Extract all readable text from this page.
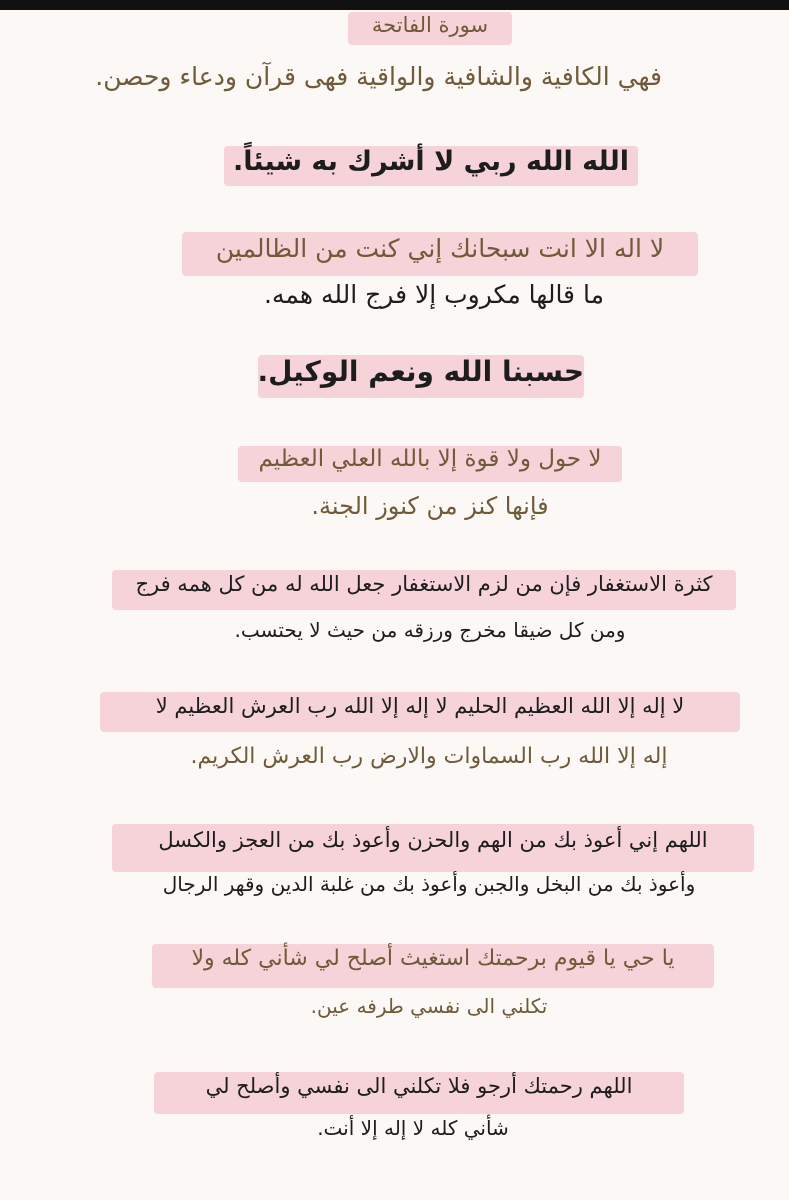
سورة الفاتحة
فهي الكافية والشافية والواقية فهى قرآن ودعاء وحصن.
الله الله ربي لا أشرك به شيئاً.
لا اله الا انت سبحانك إني كنت من الظالمين
ما قالها مكروب إلا فرج الله همه.
حسبنا الله ونعم الوكيل.
لا حول ولا قوة إلا بالله العلي العظيم
فإنها كنز من كنوز الجنة.
كثرة الاستغفار فإن من لزم الاستغفار جعل الله له من كل همه فرج
ومن كل ضيقا مخرج ورزقه من حيث لا يحتسب.
لا إله إلا الله العظيم الحليم لا إله إلا الله رب العرش العظيم لا
إله إلا الله رب السماوات والارض رب العرش الكريم.
اللهم إني أعوذ بك من الهم والحزن وأعوذ بك من العجز والكسل
وأعوذ بك من البخل والجبن وأعوذ بك من غلبة الدين وقهر الرجال
يا حي يا قيوم برحمتك استغيث أصلح لي شأني كله ولا
تكلني الى نفسي طرفه عين.
اللهم رحمتك أرجو فلا تكلني الى نفسي وأصلح لي
شأني كله لا إله إلا أنت.
